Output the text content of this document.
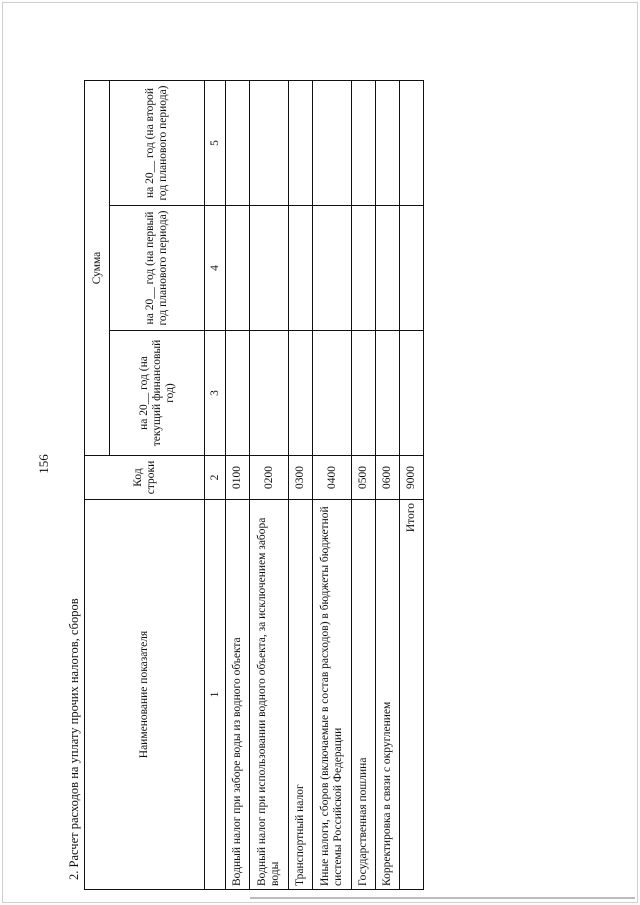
156
2. Расчет расходов на уплату прочих налогов, сборов	Наименование показателя	Код строки	Сумма		
		на 20__ год (на текущий финансовый год)	на 20__ год (на первый год планового периода)	на 20__ год (на второй год планового периода)
1	2	3	4	5
Водный налог при заборе воды из водного объекта	0100			
Водный налог при использовании водного объекта, за исключением забора воды	0200			
Транспортный налог	0300			
Иные налоги, сборов (включаемые в состав расходов) в бюджеты бюджетной системы Российской Федерации	0400			
Государственная пошлина	0500			
Корректировка в связи с округлением	0600			
Итого	9000			
